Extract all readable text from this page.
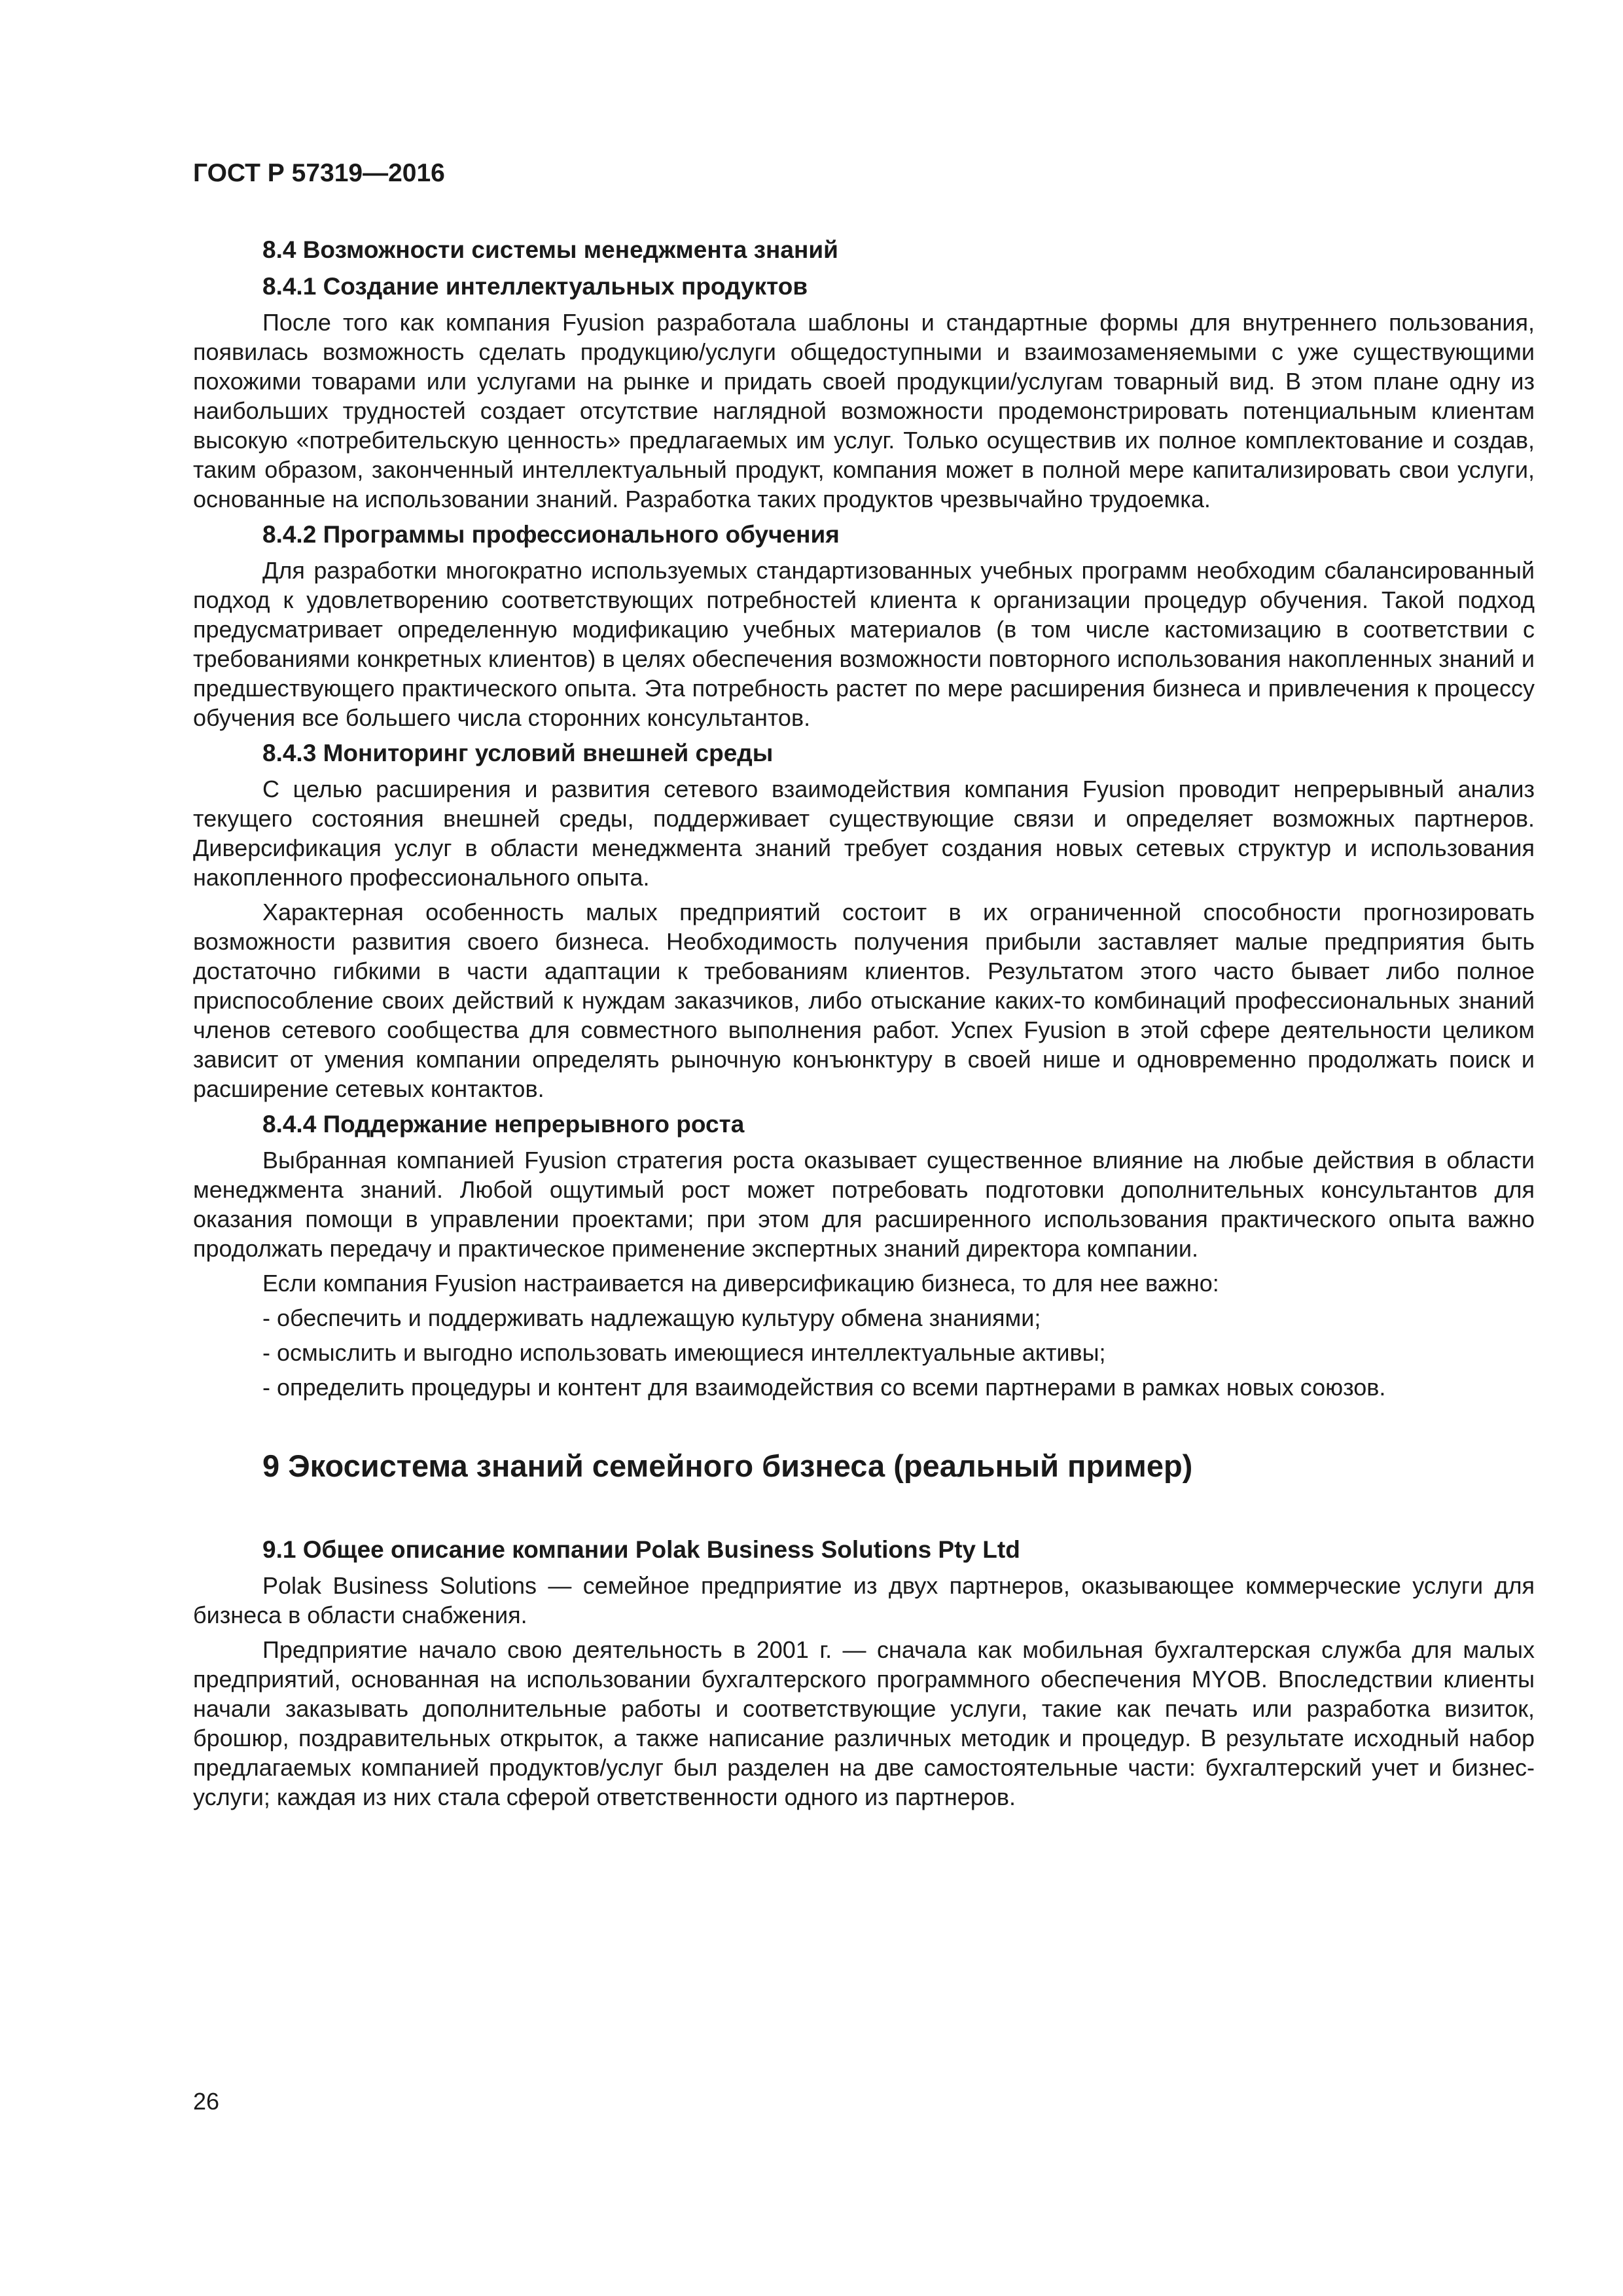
ГОСТ Р 57319—2016
8.4 Возможности системы менеджмента знаний
8.4.1 Создание интеллектуальных продуктов

После того как компания Fyusion разработала шаблоны и стандартные формы для внутреннего пользования, появилась возможность сделать продукцию/услуги общедоступными и взаимозаменяемыми с уже существующими похожими товарами или услугами на рынке и придать своей продукции/услугам товарный вид. В этом плане одну из наибольших трудностей создает отсутствие наглядной возможности продемонстрировать потенциальным клиентам высокую «потребительскую ценность» предлагаемых им услуг. Только осуществив их полное комплектование и создав, таким образом, законченный интеллектуальный продукт, компания может в полной мере капитализировать свои услуги, основанные на использовании знаний. Разработка таких продуктов чрезвычайно трудоемка.

8.4.2 Программы профессионального обучения

Для разработки многократно используемых стандартизованных учебных программ необходим сбалансированный подход к удовлетворению соответствующих потребностей клиента к организации процедур обучения. Такой подход предусматривает определенную модификацию учебных материалов (в том числе кастомизацию в соответствии с требованиями конкретных клиентов) в целях обеспечения возможности повторного использования накопленных знаний и предшествующего практического опыта. Эта потребность растет по мере расширения бизнеса и привлечения к процессу обучения все большего числа сторонних консультантов.

8.4.3 Мониторинг условий внешней среды

С целью расширения и развития сетевого взаимодействия компания Fyusion проводит непрерывный анализ текущего состояния внешней среды, поддерживает существующие связи и определяет возможных партнеров. Диверсификация услуг в области менеджмента знаний требует создания новых сетевых структур и использования накопленного профессионального опыта.

Характерная особенность малых предприятий состоит в их ограниченной способности прогнозировать возможности развития своего бизнеса. Необходимость получения прибыли заставляет малые предприятия быть достаточно гибкими в части адаптации к требованиям клиентов. Результатом этого часто бывает либо полное приспособление своих действий к нуждам заказчиков, либо отыскание каких-то комбинаций профессиональных знаний членов сетевого сообщества для совместного выполнения работ. Успех Fyusion в этой сфере деятельности целиком зависит от умения компании определять рыночную конъюнктуру в своей нише и одновременно продолжать поиск и расширение сетевых контактов.

8.4.4 Поддержание непрерывного роста

Выбранная компанией Fyusion стратегия роста оказывает существенное влияние на любые действия в области менеджмента знаний. Любой ощутимый рост может потребовать подготовки дополнительных консультантов для оказания помощи в управлении проектами; при этом для расширенного использования практического опыта важно продолжать передачу и практическое применение экспертных знаний директора компании.

Если компания Fyusion настраивается на диверсификацию бизнеса, то для нее важно:

- обеспечить и поддерживать надлежащую культуру обмена знаниями;
- осмыслить и выгодно использовать имеющиеся интеллектуальные активы;
- определить процедуры и контент для взаимодействия со всеми партнерами в рамках новых союзов.
9 Экосистема знаний семейного бизнеса (реальный пример)
9.1 Общее описание компании Polak Business Solutions Pty Ltd

Polak Business Solutions — семейное предприятие из двух партнеров, оказывающее коммерческие услуги для бизнеса в области снабжения.

Предприятие начало свою деятельность в 2001 г. — сначала как мобильная бухгалтерская служба для малых предприятий, основанная на использовании бухгалтерского программного обеспечения MYOB. Впоследствии клиенты начали заказывать дополнительные работы и соответствующие услуги, такие как печать или разработка визиток, брошюр, поздравительных открыток, а также написание различных методик и процедур. В результате исходный набор предлагаемых компанией продуктов/услуг был разделен на две самостоятельные части: бухгалтерский учет и бизнес-услуги; каждая из них стала сферой ответственности одного из партнеров.

26
